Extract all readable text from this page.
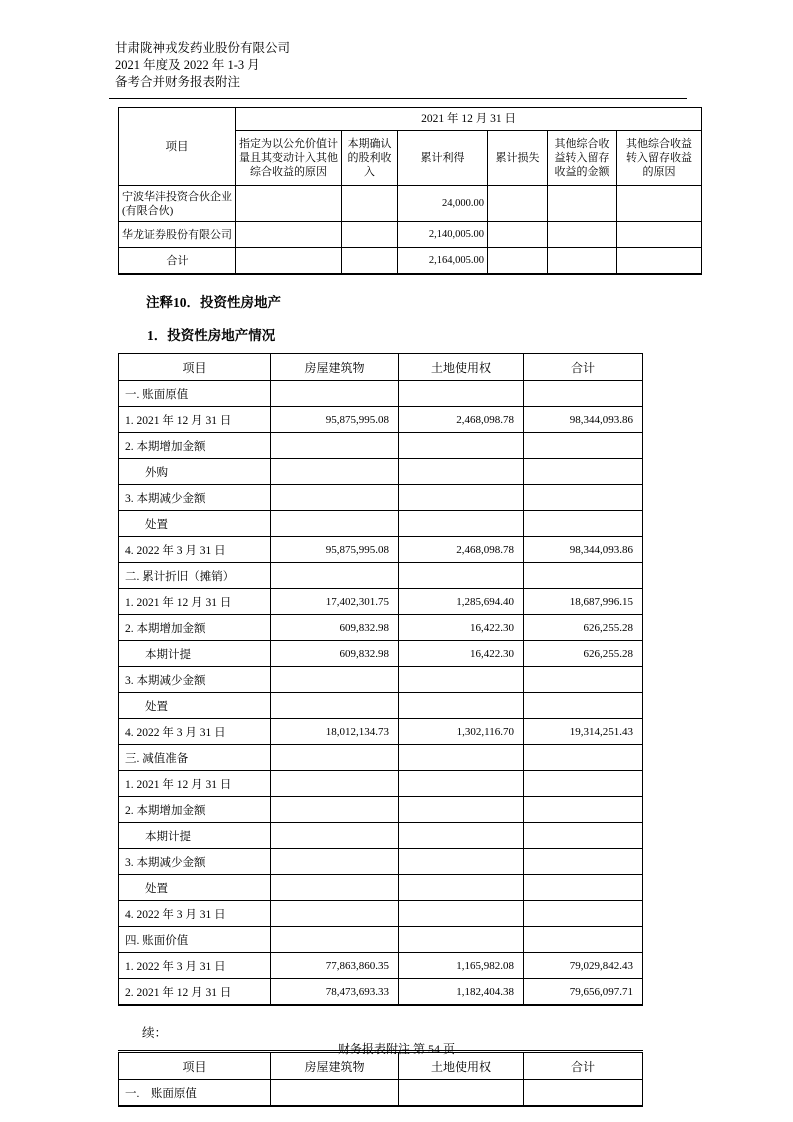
甘肃陇神戎发药业股份有限公司
2021 年度及 2022 年 1-3 月
备考合并财务报表附注
项目	2021 年 12 月 31 日					
	指定为以公允价值计量且其变动计入其他综合收益的原因	本期确认的股利收入	累计利得	累计损失	其他综合收益转入留存收益的金额	其他综合收益转入留存收益的原因
宁波华沣投资合伙企业(有限合伙)			24,000.00			
华龙证券股份有限公司			2,140,005.00			
合计			2,164,005.00			
注释10．投资性房地产
1．投资性房地产情况
项目	房屋建筑物	土地使用权	合计
一. 账面原值			
1. 2021 年 12 月 31 日	95,875,995.08	2,468,098.78	98,344,093.86
2. 本期增加金额			
外购			
3. 本期减少金额			
处置			
4. 2022 年 3 月 31 日	95,875,995.08	2,468,098.78	98,344,093.86
二. 累计折旧（摊销）			
1. 2021 年 12 月 31 日	17,402,301.75	1,285,694.40	18,687,996.15
2. 本期增加金额	609,832.98	16,422.30	626,255.28
本期计提	609,832.98	16,422.30	626,255.28
3. 本期减少金额			
处置			
4. 2022 年 3 月 31 日	18,012,134.73	1,302,116.70	19,314,251.43
三. 减值准备			
1. 2021 年 12 月 31 日			
2. 本期增加金额			
本期计提			
3. 本期减少金额			
处置			
4. 2022 年 3 月 31 日			
四. 账面价值			
1. 2022 年 3 月 31 日	77,863,860.35	1,165,982.08	79,029,842.43
2. 2021 年 12 月 31 日	78,473,693.33	1,182,404.38	79,656,097.71
续：
项目	房屋建筑物	土地使用权	合计
一.　账面原值			
财务报表附注 第 54 页
